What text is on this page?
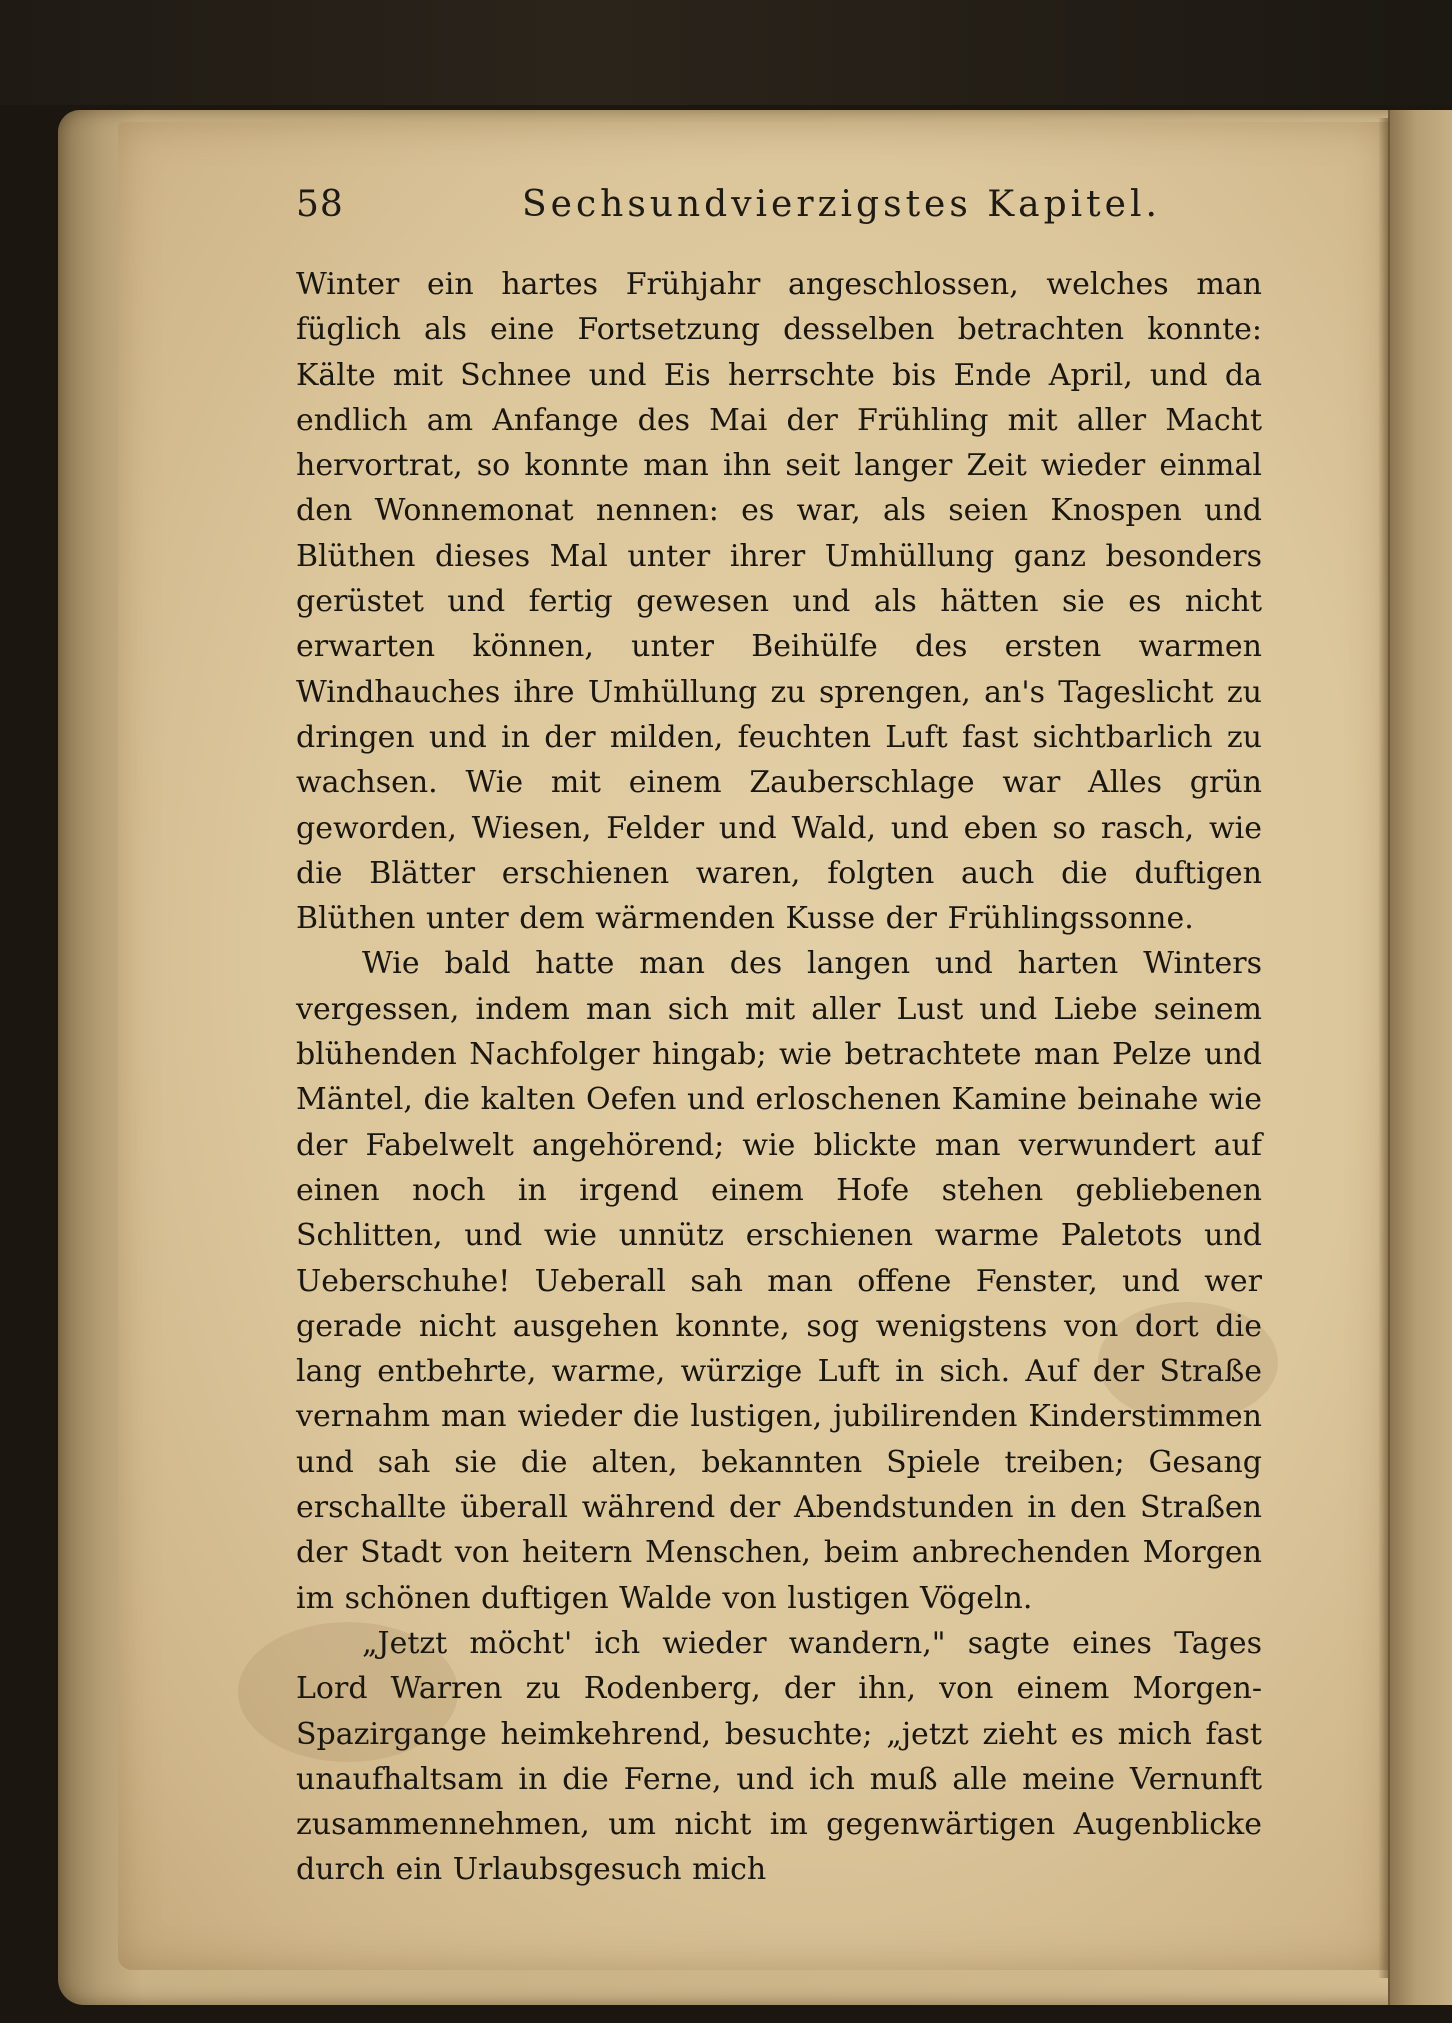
58	Sechsundvierzigstes Kapitel.

Winter ein hartes Frühjahr angeschlossen, welches man füglich als eine Fortsetzung desselben betrachten konnte: Kälte mit Schnee und Eis herrschte bis Ende April, und da endlich am Anfange des Mai der Frühling mit aller Macht hervortrat, so konnte man ihn seit langer Zeit wieder einmal den Wonnemonat nennen: es war, als seien Knospen und Blüthen dieses Mal unter ihrer Umhüllung ganz besonders gerüstet und fertig gewesen und als hätten sie es nicht erwarten können, unter Beihülfe des ersten warmen Windhauches ihre Umhüllung zu sprengen, an's Tageslicht zu dringen und in der milden, feuchten Luft fast sichtbarlich zu wachsen. Wie mit einem Zauberschlage war Alles grün geworden, Wiesen, Felder und Wald, und eben so rasch, wie die Blätter erschienen waren, folgten auch die duftigen Blüthen unter dem wärmenden Kusse der Frühlingssonne.

Wie bald hatte man des langen und harten Winters vergessen, indem man sich mit aller Lust und Liebe seinem blühenden Nachfolger hingab; wie betrachtete man Pelze und Mäntel, die kalten Oefen und erloschenen Kamine beinahe wie der Fabelwelt angehörend; wie blickte man verwundert auf einen noch in irgend einem Hofe stehen gebliebenen Schlitten, und wie unnütz erschienen warme Paletots und Ueberschuhe! Ueberall sah man offene Fenster, und wer gerade nicht ausgehen konnte, sog wenigstens von dort die lang entbehrte, warme, würzige Luft in sich. Auf der Straße vernahm man wieder die lustigen, jubilirenden Kinderstimmen und sah sie die alten, bekannten Spiele treiben; Gesang erschallte überall während der Abendstunden in den Straßen der Stadt von heitern Menschen, beim anbrechenden Morgen im schönen duftigen Walde von lustigen Vögeln.

„Jetzt möcht' ich wieder wandern," sagte eines Tages Lord Warren zu Rodenberg, der ihn, von einem Morgen-Spazirgange heimkehrend, besuchte; „jetzt zieht es mich fast unaufhaltsam in die Ferne, und ich muß alle meine Vernunft zusammennehmen, um nicht im gegenwärtigen Augenblicke durch ein Urlaubsgesuch mich
